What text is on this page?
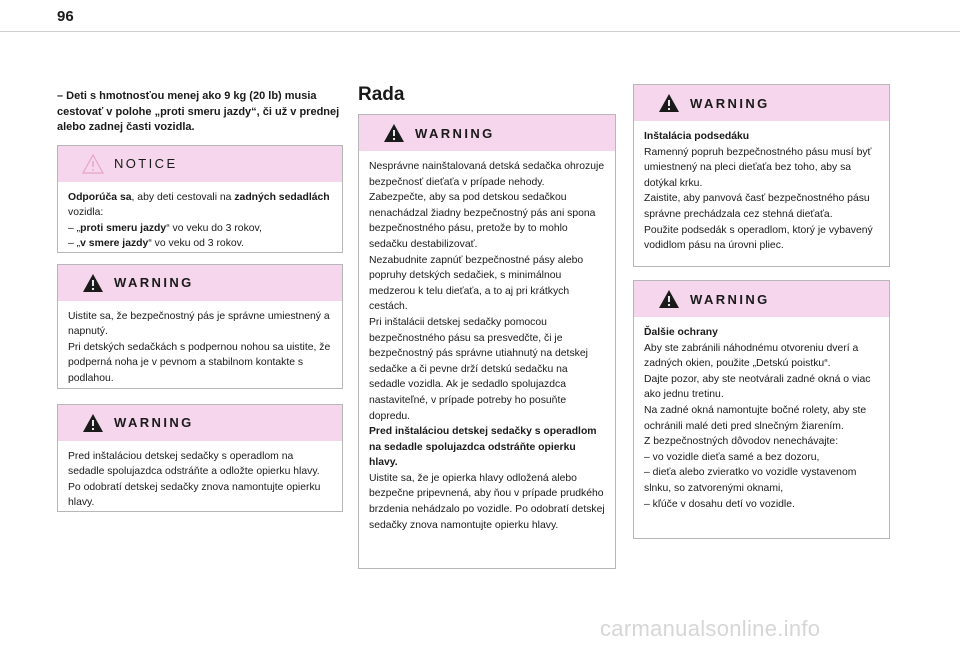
96

– Deti s hmotnosťou menej ako 9 kg (20 lb) musia cestovať v polohe „proti smeru jazdy“, či už v prednej alebo zadnej časti vozidla.

NOTICE

Odporúča sa, aby deti cestovali na zadných sedadlách vozidla:

– „proti smeru jazdy“ vo veku do 3 rokov,

– „v smere jazdy“ vo veku od 3 rokov.

WARNING

Uistite sa, že bezpečnostný pás je správne umiestnený a napnutý.

Pri detských sedačkách s podpernou nohou sa uistite, že podperná noha je v pevnom a stabilnom kontakte s podlahou.

WARNING

Pred inštaláciou detskej sedačky s operadlom na sedadle spolujazdca odstráňte a odložte opierku hlavy. Po odobratí detskej sedačky znova namontujte opierku hlavy.

Rada
WARNING

Nesprávne nainštalovaná detská sedačka ohrozuje bezpečnosť dieťaťa v prípade nehody.

Zabezpečte, aby sa pod detskou sedačkou nenachádzal žiadny bezpečnostný pás ani spona bezpečnostného pásu, pretože by to mohlo sedačku destabilizovať.

Nezabudnite zapnúť bezpečnostné pásy alebo popruhy detských sedačiek, s minimálnou medzerou k telu dieťaťa, a to aj pri krátkych cestách.

Pri inštalácii detskej sedačky pomocou bezpečnostného pásu sa presvedčte, či je bezpečnostný pás správne utiahnutý na detskej sedačke a či pevne drží detskú sedačku na sedadle vozidla. Ak je sedadlo spolujazdca nastaviteľné, v prípade potreby ho posuňte dopredu.

Pred inštaláciou detskej sedačky s operadlom na sedadle spolujazdca odstráňte opierku hlavy.

Uistite sa, že je opierka hlavy odložená alebo bezpečne pripevnená, aby ňou v prípade prudkého brzdenia nehádzalo po vozidle. Po odobratí detskej sedačky znova namontujte opierku hlavy.

WARNING

Inštalácia podsedáku

Ramenný popruh bezpečnostného pásu musí byť umiestnený na pleci dieťaťa bez toho, aby sa dotýkal krku.

Zaistite, aby panvová časť bezpečnostného pásu správne prechádzala cez stehná dieťaťa.

Použite podsedák s operadlom, ktorý je vybavený vodidlom pásu na úrovni pliec.

WARNING

Ďalšie ochrany

Aby ste zabránili náhodnému otvoreniu dverí a zadných okien, použite „Detskú poistku“.

Dajte pozor, aby ste neotvárali zadné okná o viac ako jednu tretinu.

Na zadné okná namontujte bočné rolety, aby ste ochránili malé deti pred slnečným žiarením.

Z bezpečnostných dôvodov nenechávajte:

– vo vozidle dieťa samé a bez dozoru,

– dieťa alebo zvieratko vo vozidle vystavenom slnku, so zatvorenými oknami,

– kľúče v dosahu detí vo vozidle.

carmanualsonline.info
